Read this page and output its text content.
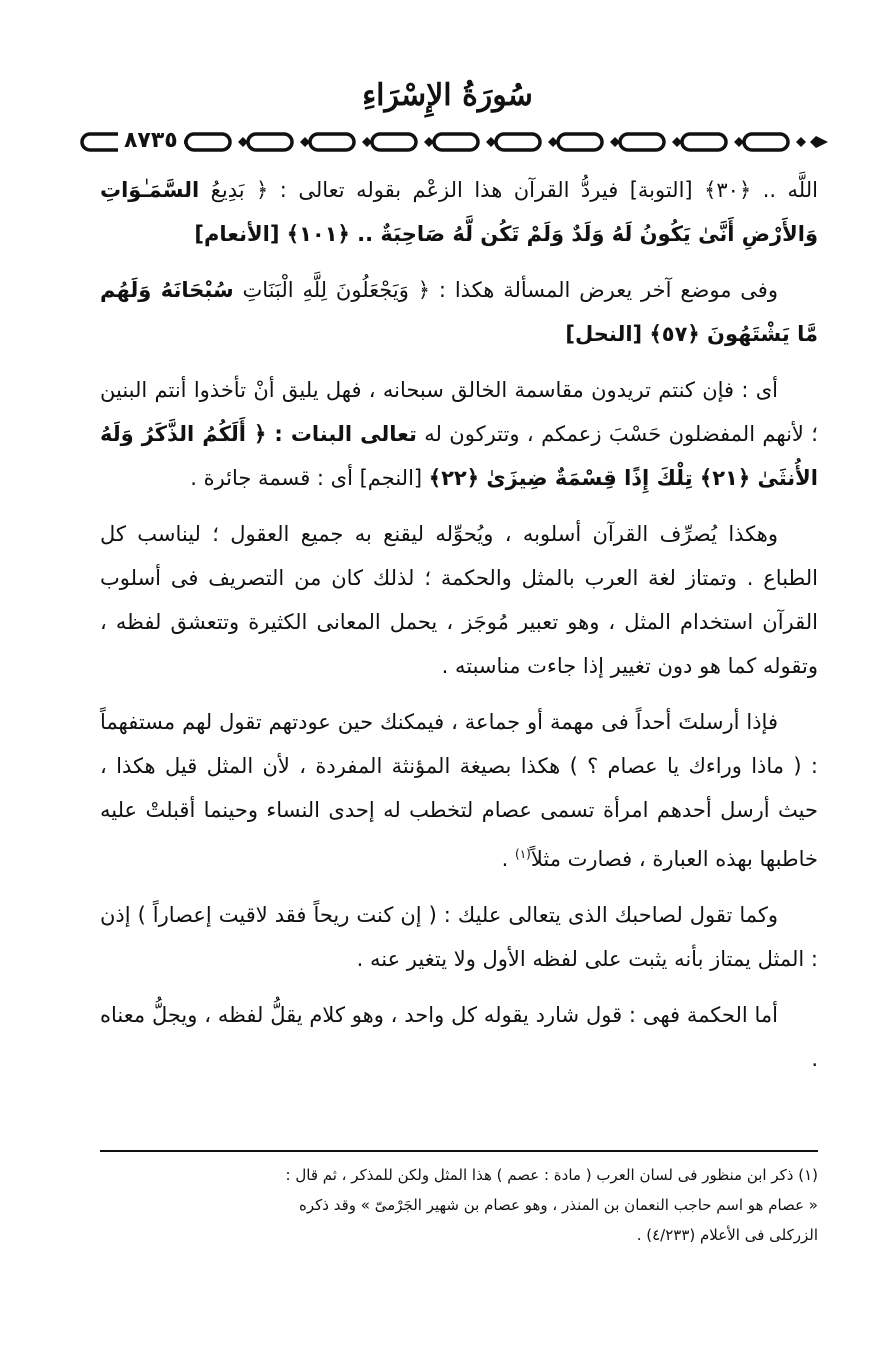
سُورَةُ الإِسْرَاءِ
٨٧٣٥

اللَّه .. ﴿٣٠﴾ [التوبة] فيردُّ القرآن هذا الزعْم بقوله تعالى : ﴿ بَدِيعُ السَّمَـٰوَاتِ وَالأَرْضِ أَنَّىٰ يَكُونُ لَهُ وَلَدٌ وَلَمْ تَكُن لَّهُ صَاحِبَةٌ .. ﴿١٠١﴾ [الأنعام]

وفى موضع آخر يعرض المسألة هكذا : ﴿ وَيَجْعَلُونَ لِلَّهِ الْبَنَاتِ سُبْحَانَهُ وَلَهُم مَّا يَشْتَهُونَ ﴿٥٧﴾ [النحل]

أى : فإن كنتم تريدون مقاسمة الخالق سبحانه ، فهل يليق أنْ تأخذوا أنتم البنين ؛ لأنهم المفضلون حَسْبَ زعمكم ، وتتركون له تعالى البنات : ﴿ أَلَكُمُ الذَّكَرُ وَلَهُ الأُنثَىٰ ﴿٢١﴾ تِلْكَ إِذًا قِسْمَةٌ ضِيزَىٰ ﴿٢٢﴾ [النجم] أى : قسمة جائرة .

وهكذا يُصرِّف القرآن أسلوبه ، ويُحوِّله ليقنع به جميع العقول ؛ ليناسب كل الطباع . وتمتاز لغة العرب بالمثل والحكمة ؛ لذلك كان من التصريف فى أسلوب القرآن استخدام المثل ، وهو تعبير مُوجَز ، يحمل المعانى الكثيرة وتتعشق لفظه ، وتقوله كما هو دون تغيير إذا جاءت مناسبته .

فإذا أرسلتَ أحداً فى مهمة أو جماعة ، فيمكنك حين عودتهم تقول لهم مستفهماً : ( ماذا وراءك يا عصام ؟ ) هكذا بصيغة المؤنثة المفردة ، لأن المثل قيل هكذا ، حيث أرسل أحدهم امرأة تسمى عصام لتخطب له إحدى النساء وحينما أقبلتْ عليه خاطبها بهذه العبارة ، فصارت مثلاً$^{(١)}$ .

وكما تقول لصاحبك الذى يتعالى عليك : ( إن كنت ريحاً فقد لاقيت إعصاراً ) إذن : المثل يمتاز بأنه يثبت على لفظه الأول ولا يتغير عنه .

أما الحكمة فهى : قول شارد يقوله كل واحد ، وهو كلام يقلُّ لفظه ، ويجلُّ معناه .

(١) ذكر ابن منظور فى لسان العرب ( مادة : عصم ) هذا المثل ولكن للمذكر ، ثم قال :

« عصام هو اسم حاجب النعمان بن المنذر ، وهو عصام بن شهير الجَرْمىّ » وقد ذكره

الزركلى فى الأعلام (٤/٢٣٣) .
